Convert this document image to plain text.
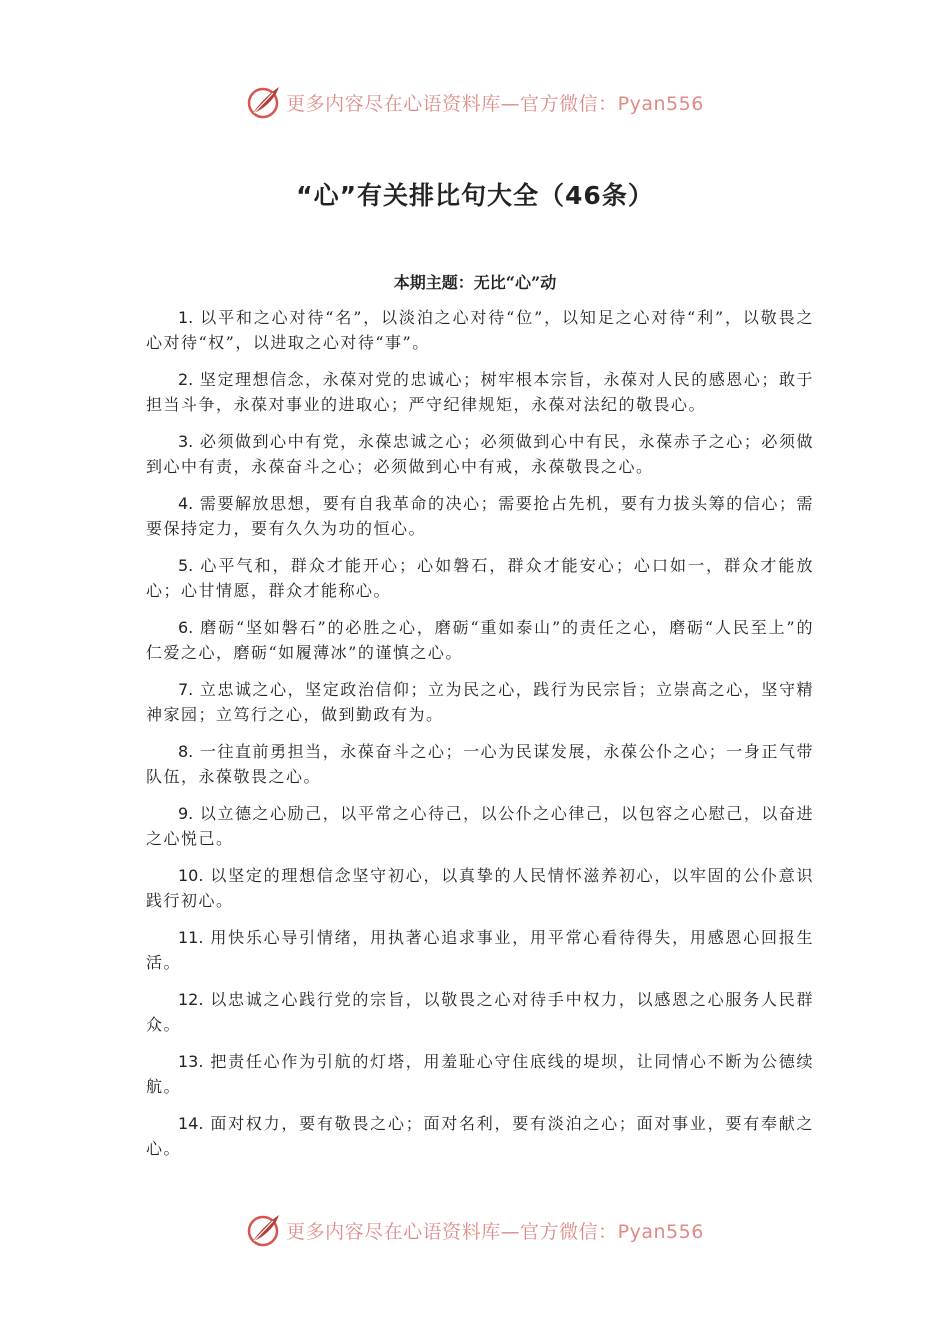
更多内容尽在心语资料库—官方微信：Pyan556
“心”有关排比句大全（46条）
本期主题：无比“心”动

1. 以平和之心对待“名”，以淡泊之心对待“位”，以知足之心对待“利”，以敬畏之心对待“权”，以进取之心对待“事”。

2. 坚定理想信念，永葆对党的忠诚心；树牢根本宗旨，永葆对人民的感恩心；敢于担当斗争，永葆对事业的进取心；严守纪律规矩，永葆对法纪的敬畏心。

3. 必须做到心中有党，永葆忠诚之心；必须做到心中有民，永葆赤子之心；必须做到心中有责，永葆奋斗之心；必须做到心中有戒，永葆敬畏之心。

4. 需要解放思想，要有自我革命的决心；需要抢占先机，要有力拔头筹的信心；需要保持定力，要有久久为功的恒心。

5. 心平气和，群众才能开心；心如磐石，群众才能安心；心口如一，群众才能放心；心甘情愿，群众才能称心。

6. 磨砺“坚如磐石”的必胜之心，磨砺“重如泰山”的责任之心，磨砺“人民至上”的仁爱之心，磨砺“如履薄冰”的谨慎之心。

7. 立忠诚之心，坚定政治信仰；立为民之心，践行为民宗旨；立崇高之心，坚守精神家园；立笃行之心，做到勤政有为。

8. 一往直前勇担当，永葆奋斗之心；一心为民谋发展，永葆公仆之心；一身正气带队伍，永葆敬畏之心。

9. 以立德之心励己，以平常之心待己，以公仆之心律己，以包容之心慰己，以奋进之心悦己。

10. 以坚定的理想信念坚守初心，以真挚的人民情怀滋养初心，以牢固的公仆意识践行初心。

11. 用快乐心导引情绪，用执著心追求事业，用平常心看待得失，用感恩心回报生活。

12. 以忠诚之心践行党的宗旨，以敬畏之心对待手中权力，以感恩之心服务人民群众。

13. 把责任心作为引航的灯塔，用羞耻心守住底线的堤坝，让同情心不断为公德续航。

14. 面对权力，要有敬畏之心；面对名利，要有淡泊之心；面对事业，要有奉献之心。

更多内容尽在心语资料库—官方微信：Pyan556
